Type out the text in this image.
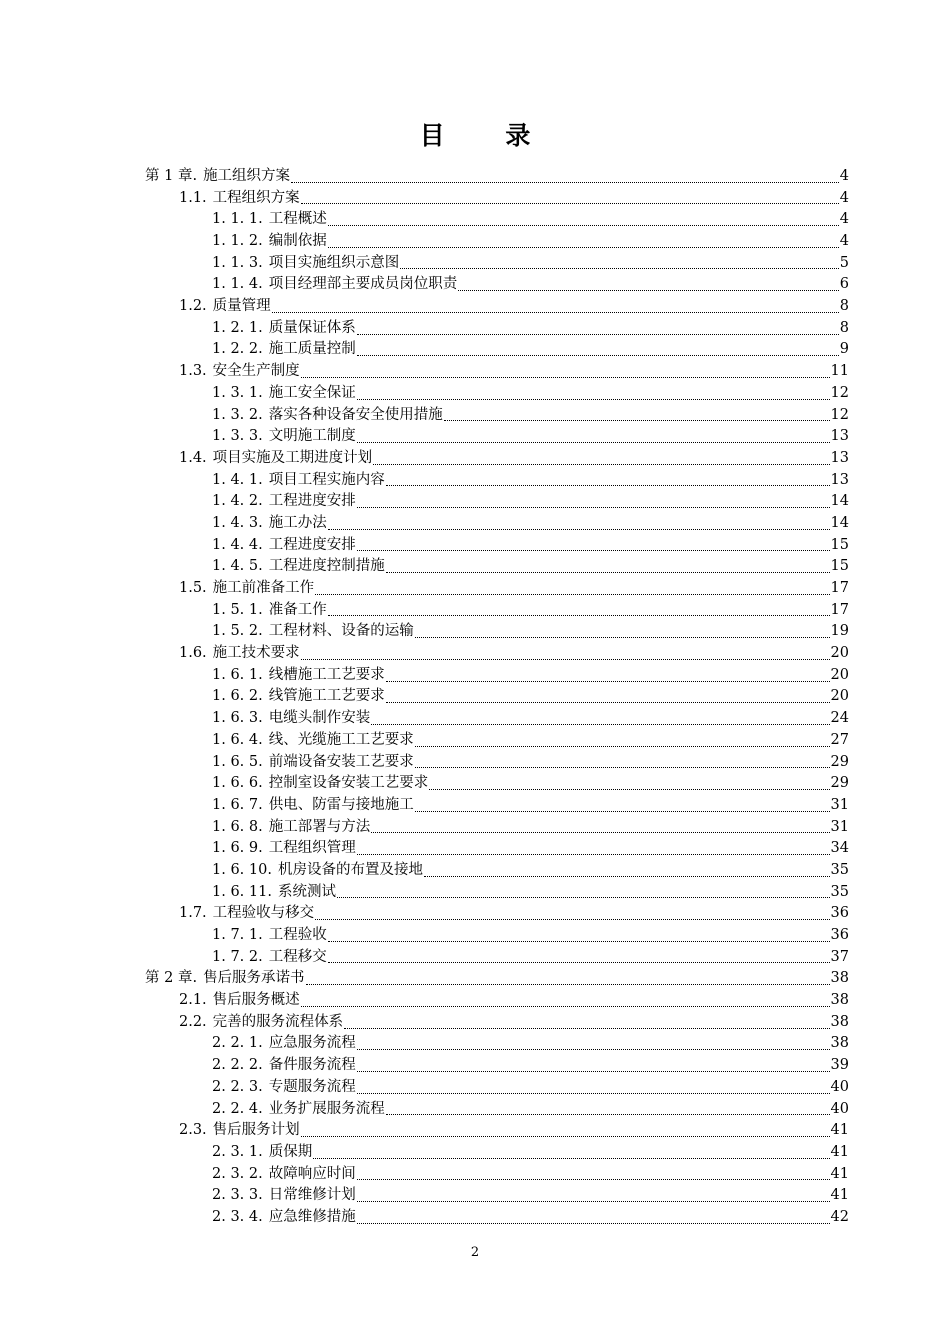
目 录
第 1 章. 施工组织方案	4
1.1. 工程组织方案	4
1. 1. 1. 工程概述	4
1. 1. 2. 编制依据	4
1. 1. 3. 项目实施组织示意图	5
1. 1. 4. 项目经理部主要成员岗位职责	6
1.2. 质量管理	8
1. 2. 1. 质量保证体系	8
1. 2. 2. 施工质量控制	9
1.3. 安全生产制度	11
1. 3. 1. 施工安全保证	12
1. 3. 2. 落实各种设备安全使用措施	12
1. 3. 3. 文明施工制度	13
1.4. 项目实施及工期进度计划	13
1. 4. 1. 项目工程实施内容	13
1. 4. 2. 工程进度安排	14
1. 4. 3. 施工办法	14
1. 4. 4. 工程进度安排	15
1. 4. 5. 工程进度控制措施	15
1.5. 施工前准备工作	17
1. 5. 1. 准备工作	17
1. 5. 2. 工程材料、设备的运输	19
1.6. 施工技术要求	20
1. 6. 1. 线槽施工工艺要求	20
1. 6. 2. 线管施工工艺要求	20
1. 6. 3. 电缆头制作安装	24
1. 6. 4. 线、光缆施工工艺要求	27
1. 6. 5. 前端设备安装工艺要求	29
1. 6. 6. 控制室设备安装工艺要求	29
1. 6. 7. 供电、防雷与接地施工	31
1. 6. 8. 施工部署与方法	31
1. 6. 9. 工程组织管理	34
1. 6. 10. 机房设备的布置及接地	35
1. 6. 11. 系统测试	35
1.7. 工程验收与移交	36
1. 7. 1. 工程验收	36
1. 7. 2. 工程移交	37
第 2 章. 售后服务承诺书	38
2.1. 售后服务概述	38
2.2. 完善的服务流程体系	38
2. 2. 1. 应急服务流程	38
2. 2. 2. 备件服务流程	39
2. 2. 3. 专题服务流程	40
2. 2. 4. 业务扩展服务流程	40
2.3. 售后服务计划	41
2. 3. 1. 质保期	41
2. 3. 2. 故障响应时间	41
2. 3. 3. 日常维修计划	41
2. 3. 4. 应急维修措施	42
2
